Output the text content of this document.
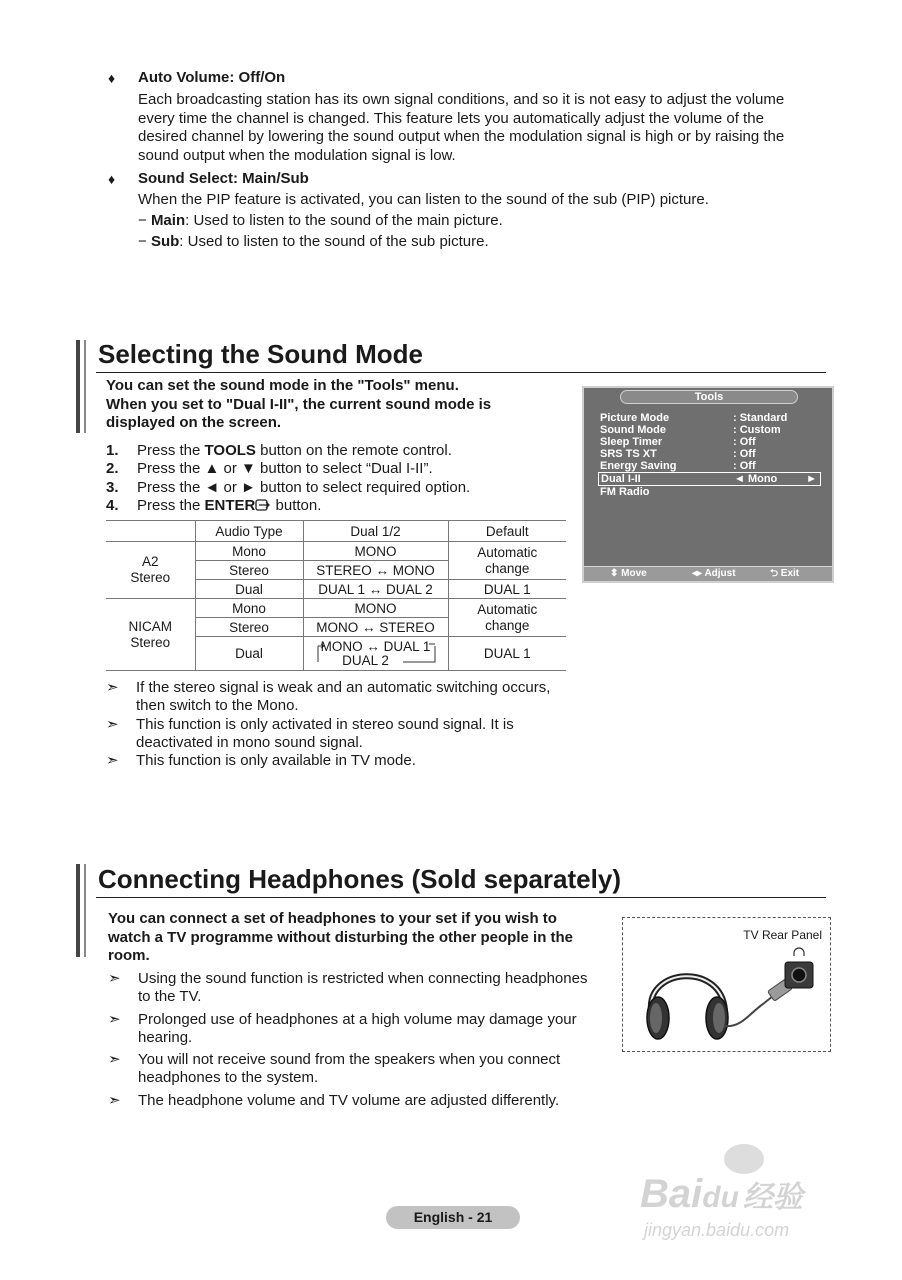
♦ Auto Volume: Off/On
Each broadcasting station has its own signal conditions, and so it is not easy to adjust the volume
every time the channel is changed. This feature lets you automatically adjust the volume of the
desired channel by lowering the sound output when the modulation signal is high or by raising the
sound output when the modulation signal is low.
♦ Sound Select: Main/Sub
When the PIP feature is activated, you can listen to the sound of the sub (PIP) picture.
− Main: Used to listen to the sound of the main picture.
− Sub: Used to listen to the sound of the sub picture.
Selecting the Sound Mode
You can set the sound mode in the "Tools" menu.
When you set to "Dual I-II", the current sound mode is
displayed on the screen.
1. Press the TOOLS button on the remote control.
2. Press the ▲ or ▼ button to select “Dual I-II”.
3. Press the ◄ or ► button to select required option.
4. Press the ENTER button.
	Audio Type	Dual 1/2	Default
A2
Stereo	Mono	MONO	Automatic
change
	Stereo	STEREO ↔ MONO	
	Dual	DUAL 1 ↔ DUAL 2	DUAL 1
NICAM
Stereo	Mono	MONO	Automatic
change
	Stereo	MONO ↔ STEREO	
	Dual	MONO ↔ DUAL 1
DUAL 2	DUAL 1
➣ If the stereo signal is weak and an automatic switching occurs,
then switch to the Mono.
➣ This function is only activated in stereo sound signal. It is
deactivated in mono sound signal.
➣ This function is only available in TV mode.
Tools
Picture Mode	: Standard
Sound Mode	: Custom
Sleep Timer	: Off
SRS TS XT	: Off
Energy Saving	: Off
Dual I-II	◄ Mono	►
FM Radio
⬍ Move	◂▸ Adjust	⮌ Exit
Connecting Headphones (Sold separately)
You can connect a set of headphones to your set if you wish to
watch a TV programme without disturbing the other people in the
room.
➣ Using the sound function is restricted when connecting headphones
to the TV.
➣ Prolonged use of headphones at a high volume may damage your
hearing.
➣ You will not receive sound from the speakers when you connect
headphones to the system.
➣ The headphone volume and TV volume are adjusted differently.
TV Rear Panel
English - 21
Baidu 经验
jingyan.baidu.com
